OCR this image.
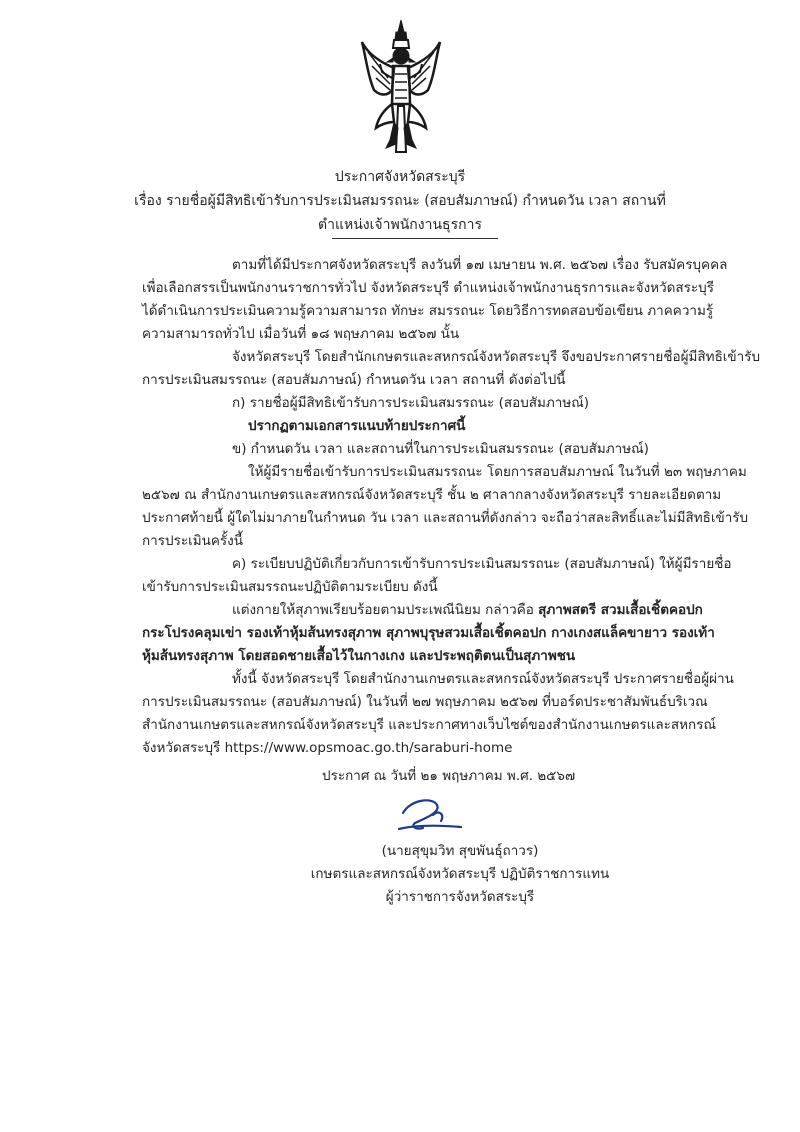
ประกาศจังหวัดสระบุรี
เรื่อง รายชื่อผู้มีสิทธิเข้ารับการประเมินสมรรถนะ (สอบสัมภาษณ์) กำหนดวัน เวลา สถานที่
ตำแหน่งเจ้าพนักงานธุรการ
ตามที่ได้มีประกาศจังหวัดสระบุรี ลงวันที่ ๑๗ เมษายน พ.ศ. ๒๕๖๗ เรื่อง รับสมัครบุคคล
เพื่อเลือกสรรเป็นพนักงานราชการทั่วไป จังหวัดสระบุรี ตำแหน่งเจ้าพนักงานธุรการและจังหวัดสระบุรี
ได้ดำเนินการประเมินความรู้ความสามารถ ทักษะ สมรรถนะ โดยวิธีการทดสอบข้อเขียน ภาคความรู้
ความสามารถทั่วไป เมื่อวันที่ ๑๘ พฤษภาคม ๒๕๖๗ นั้น
จังหวัดสระบุรี โดยสำนักเกษตรและสหกรณ์จังหวัดสระบุรี จึงขอประกาศรายชื่อผู้มีสิทธิเข้ารับ
การประเมินสมรรถนะ (สอบสัมภาษณ์) กำหนดวัน เวลา สถานที่ ดังต่อไปนี้
ก) รายชื่อผู้มีสิทธิเข้ารับการประเมินสมรรถนะ (สอบสัมภาษณ์)
ปรากฏตามเอกสารแนบท้ายประกาศนี้
ข) กำหนดวัน เวลา และสถานที่ในการประเมินสมรรถนะ (สอบสัมภาษณ์)
ให้ผู้มีรายชื่อเข้ารับการประเมินสมรรถนะ โดยการสอบสัมภาษณ์ ในวันที่ ๒๓ พฤษภาคม
๒๕๖๗ ณ สำนักงานเกษตรและสหกรณ์จังหวัดสระบุรี ชั้น ๒ ศาลากลางจังหวัดสระบุรี รายละเอียดตาม
ประกาศท้ายนี้ ผู้ใดไม่มาภายในกำหนด วัน เวลา และสถานที่ดังกล่าว จะถือว่าสละสิทธิ์และไม่มีสิทธิเข้ารับ
การประเมินครั้งนี้
ค) ระเบียบปฏิบัติเกี่ยวกับการเข้ารับการประเมินสมรรถนะ (สอบสัมภาษณ์) ให้ผู้มีรายชื่อ
เข้ารับการประเมินสมรรถนะปฏิบัติตามระเบียบ ดังนี้
แต่งกายให้สุภาพเรียบร้อยตามประเพณีนิยม กล่าวคือ สุภาพสตรี สวมเสื้อเชิ้ตคอปก
กระโปรงคลุมเข่า รองเท้าหุ้มส้นทรงสุภาพ สุภาพบุรุษสวมเสื้อเชิ้ตคอปก กางเกงสแล็คขายาว รองเท้า
หุ้มส้นทรงสุภาพ โดยสอดชายเสื้อไว้ในกางเกง และประพฤติตนเป็นสุภาพชน
ทั้งนี้ จังหวัดสระบุรี โดยสำนักงานเกษตรและสหกรณ์จังหวัดสระบุรี ประกาศรายชื่อผู้ผ่าน
การประเมินสมรรถนะ (สอบสัมภาษณ์) ในวันที่ ๒๗ พฤษภาคม ๒๕๖๗ ที่บอร์ดประชาสัมพันธ์บริเวณ
สำนักงานเกษตรและสหกรณ์จังหวัดสระบุรี และประกาศทางเว็บไซต์ของสำนักงานเกษตรและสหกรณ์
จังหวัดสระบุรี https://www.opsmoac.go.th/saraburi-home
ประกาศ ณ วันที่ ๒๑ พฤษภาคม พ.ศ. ๒๕๖๗
(นายสุขุมวิท สุขพันธุ์ถาวร)
เกษตรและสหกรณ์จังหวัดสระบุรี ปฏิบัติราชการแทน
ผู้ว่าราชการจังหวัดสระบุรี
